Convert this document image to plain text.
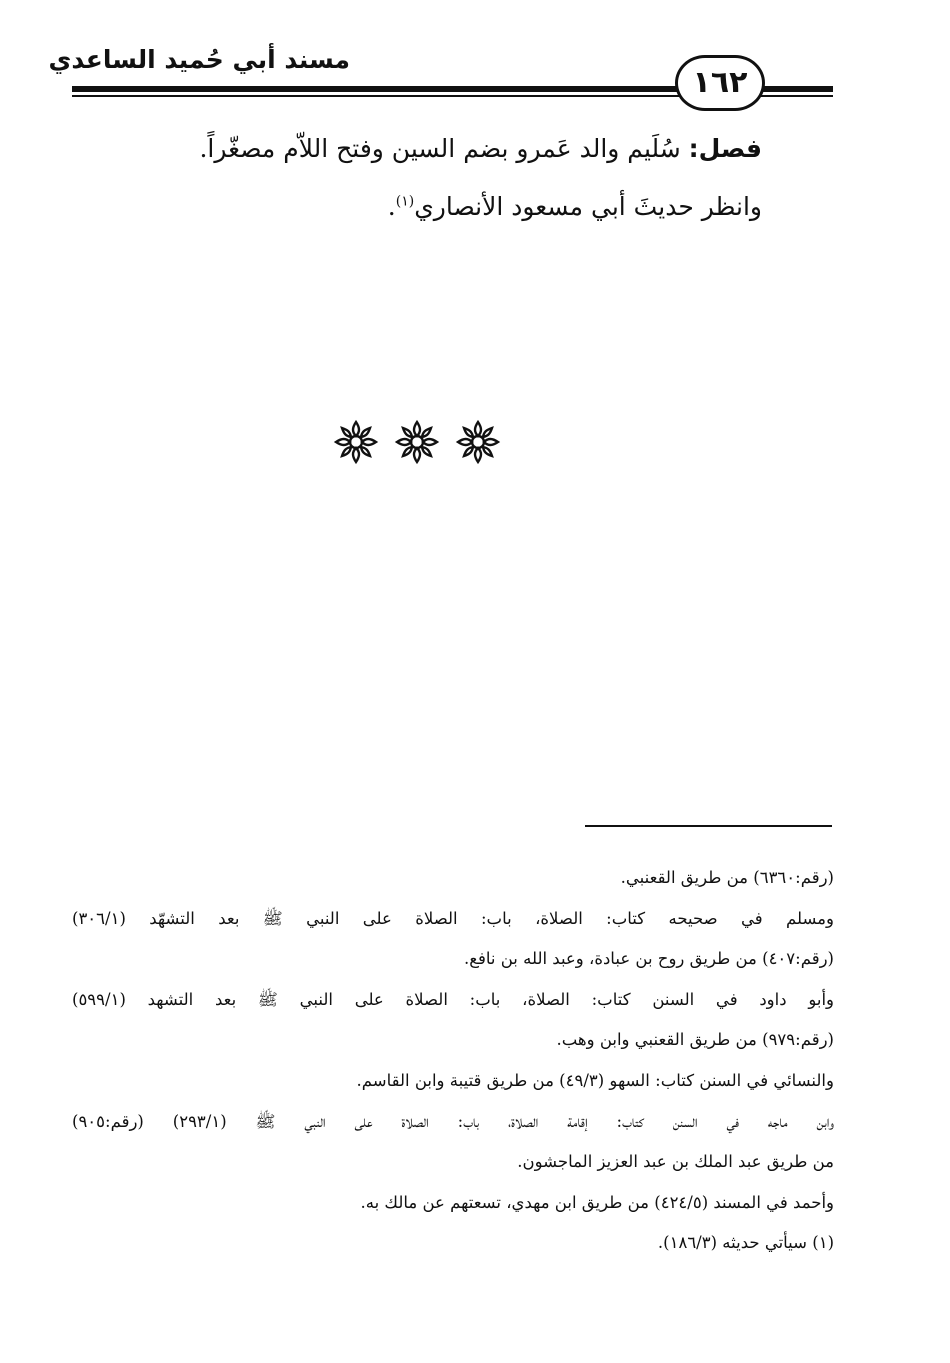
مسند أبي حُميد الساعدي
١٦٢

فصل: سُلَيم والد عَمرو بضم السين وفتح اللاّم مصغّراً.

وانظر حديثَ أبي مسعود الأنصاري$^{(١)}$.

(رقم:٦٣٦٠) من طريق القعنبي.

ومسلم في صحيحه كتاب: الصلاة، باب: الصلاة على النبي ﷺ بعد التشهّد (٣٠٦/١)

(رقم:٤٠٧) من طريق روح بن عبادة، وعبد الله بن نافع.

وأبو داود في السنن كتاب: الصلاة، باب: الصلاة على النبي ﷺ بعد التشهد (٥٩٩/١)

(رقم:٩٧٩) من طريق القعنبي وابن وهب.

والنسائي في السنن كتاب: السهو (٤٩/٣) من طريق قتيبة وابن القاسم.

وابن ماجه في السنن كتاب: إقامة الصلاة، باب: الصلاة على النبي ﷺ (٢٩٣/١) (رقم:٩٠٥)

من طريق عبد الملك بن عبد العزيز الماجشون.

وأحمد في المسند (٤٢٤/٥) من طريق ابن مهدي، تسعتهم عن مالك به.

(١) سيأتي حديثه (١٨٦/٣).
